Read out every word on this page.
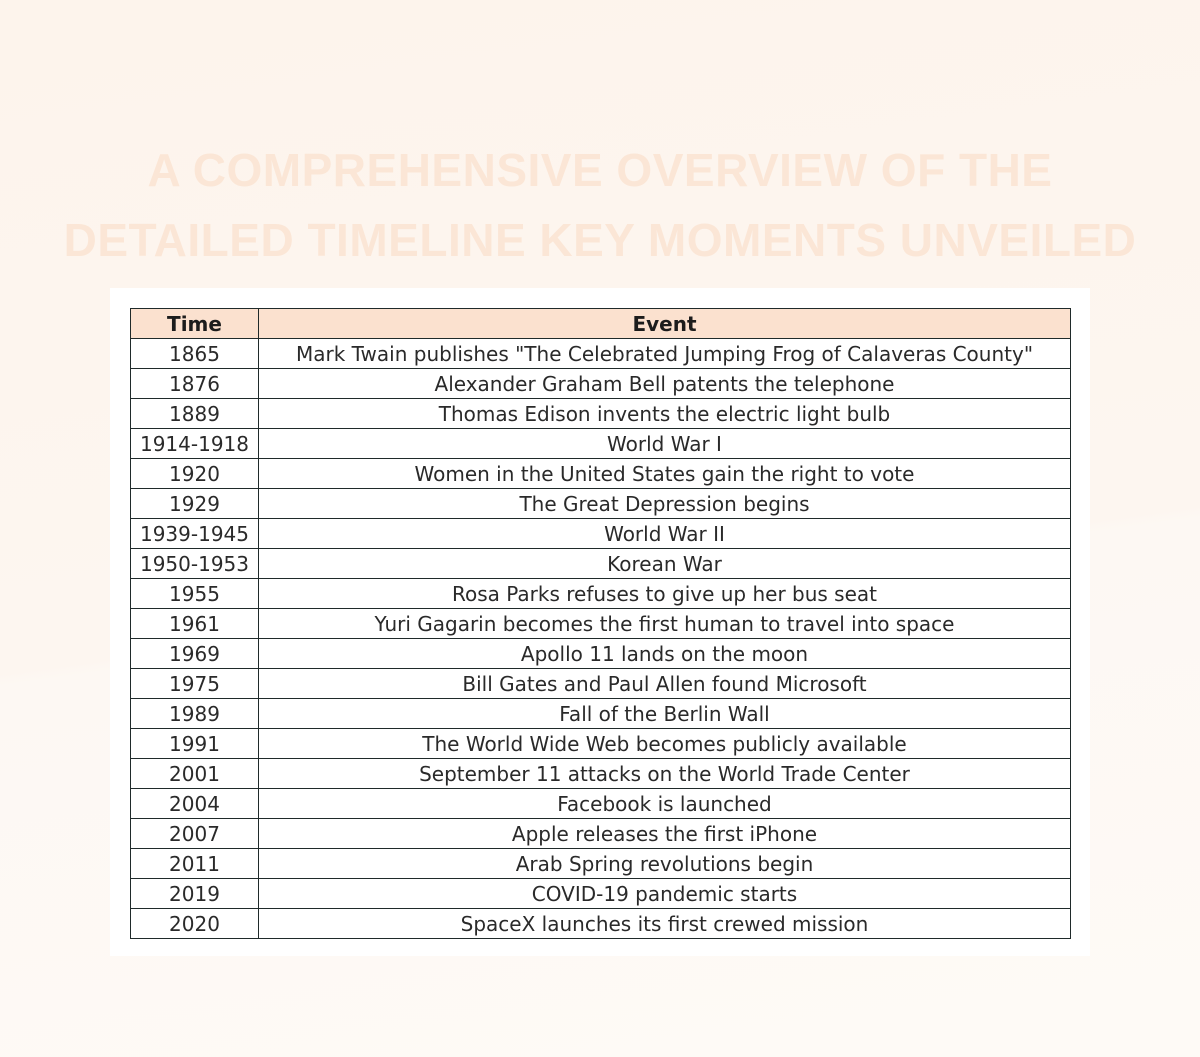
A COMPREHENSIVE OVERVIEW OF THE
DETAILED TIMELINE KEY MOMENTS UNVEILED
Time	Event
1865	Mark Twain publishes "The Celebrated Jumping Frog of Calaveras County"
1876	Alexander Graham Bell patents the telephone
1889	Thomas Edison invents the electric light bulb
1914-1918	World War I
1920	Women in the United States gain the right to vote
1929	The Great Depression begins
1939-1945	World War II
1950-1953	Korean War
1955	Rosa Parks refuses to give up her bus seat
1961	Yuri Gagarin becomes the first human to travel into space
1969	Apollo 11 lands on the moon
1975	Bill Gates and Paul Allen found Microsoft
1989	Fall of the Berlin Wall
1991	The World Wide Web becomes publicly available
2001	September 11 attacks on the World Trade Center
2004	Facebook is launched
2007	Apple releases the first iPhone
2011	Arab Spring revolutions begin
2019	COVID-19 pandemic starts
2020	SpaceX launches its first crewed mission
